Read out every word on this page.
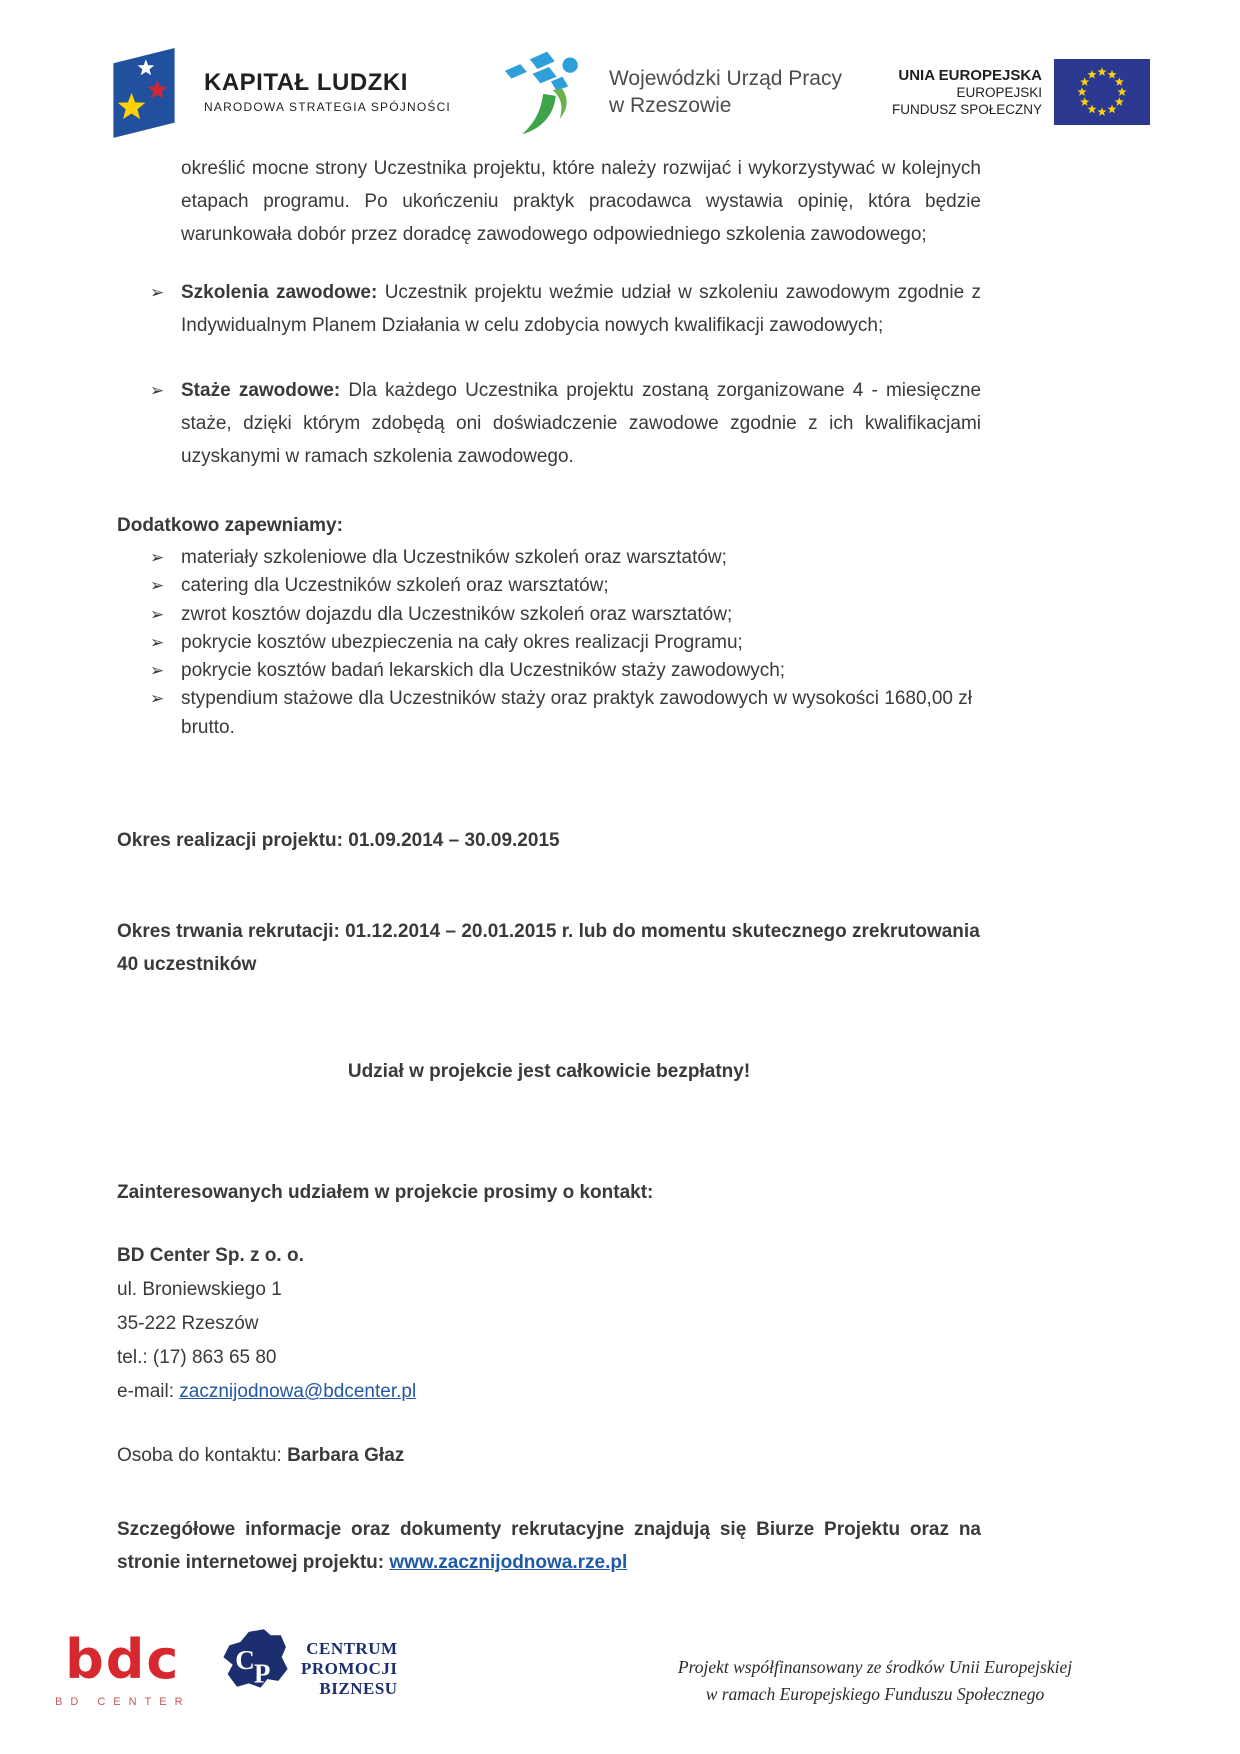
KAPITAŁ LUDZKI
NARODOWA STRATEGIA SPÓJNOŚCI
Wojewódzki Urząd Pracy
w Rzeszowie
UNIA EUROPEJSKA
EUROPEJSKI
FUNDUSZ SPOŁECZNY
określić mocne strony Uczestnika projektu, które należy rozwijać i wykorzystywać w kolejnych etapach programu. Po ukończeniu praktyk pracodawca wystawia opinię, która będzie warunkowała dobór przez doradcę zawodowego odpowiedniego szkolenia zawodowego;
➢ Szkolenia zawodowe: Uczestnik projektu weźmie udział w szkoleniu zawodowym zgodnie z Indywidualnym Planem Działania w celu zdobycia nowych kwalifikacji zawodowych;
➢ Staże zawodowe: Dla każdego Uczestnika projektu zostaną zorganizowane 4 - miesięczne staże, dzięki którym zdobędą oni doświadczenie zawodowe zgodnie z ich kwalifikacjami uzyskanymi w ramach szkolenia zawodowego.
Dodatkowo zapewniamy:
➢ materiały szkoleniowe dla Uczestników szkoleń oraz warsztatów;
➢ catering dla Uczestników szkoleń oraz warsztatów;
➢ zwrot kosztów dojazdu dla Uczestników szkoleń oraz warsztatów;
➢ pokrycie kosztów ubezpieczenia na cały okres realizacji Programu;
➢ pokrycie kosztów badań lekarskich dla Uczestników staży zawodowych;
➢ stypendium stażowe dla Uczestników staży oraz praktyk zawodowych w wysokości 1680,00 zł brutto.
Okres realizacji projektu: 01.09.2014 – 30.09.2015
Okres trwania rekrutacji: 01.12.2014 – 20.01.2015 r. lub do momentu skutecznego zrekrutowania 40 uczestników
Udział w projekcie jest całkowicie bezpłatny!
Zainteresowanych udziałem w projekcie prosimy o kontakt:
BD Center Sp. z o. o.
ul. Broniewskiego 1
35-222 Rzeszów
tel.: (17) 863 65 80
e-mail: zacznijodnowa@bdcenter.pl
Osoba do kontaktu: Barbara Głaz
Szczegółowe informacje oraz dokumenty rekrutacyjne znajdują się Biurze Projektu oraz na stronie internetowej projektu: www.zacznijodnowa.rze.pl
bdc
BD CENTER
C P
CENTRUM
PROMOCJI
BIZNESU
Projekt współfinansowany ze środków Unii Europejskiej
w ramach Europejskiego Funduszu Społecznego
